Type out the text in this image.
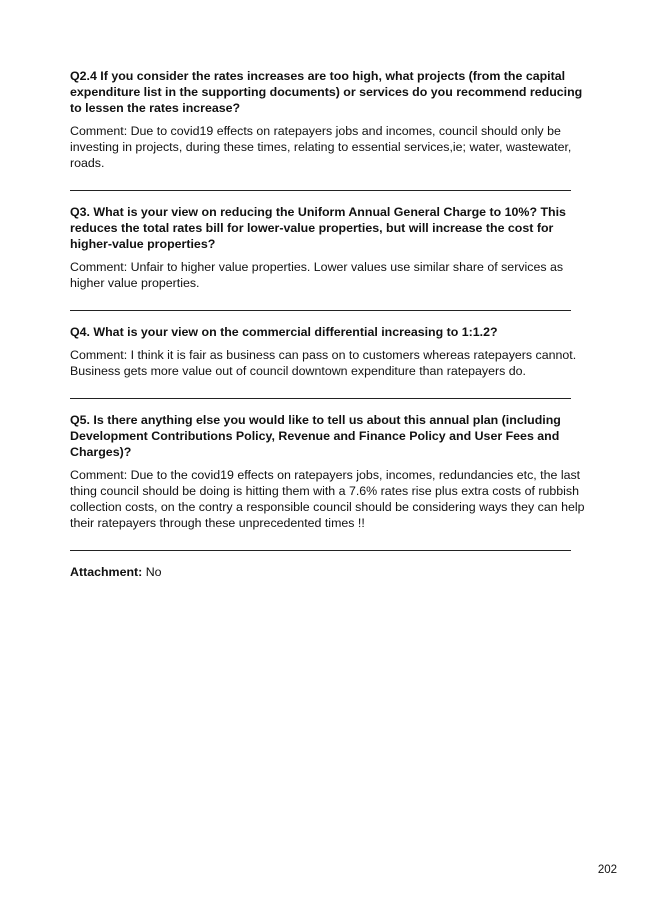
Q2.4 If you consider the rates increases are too high, what projects (from the capital expenditure list in the supporting documents) or services do you recommend reducing to lessen the rates increase?

Comment: Due to covid19 effects on ratepayers jobs and incomes, council should only be investing in projects, during these times, relating to essential services,ie; water, wastewater, roads.

Q3. What is your view on reducing the Uniform Annual General Charge to 10%? This reduces the total rates bill for lower-value properties, but will increase the cost for higher-value properties?

Comment: Unfair to higher value properties. Lower values use similar share of services as higher value properties.

Q4. What is your view on the commercial differential increasing to 1:1.2?

Comment: I think it is fair as business can pass on to customers whereas ratepayers cannot. Business gets more value out of council downtown expenditure than ratepayers do.

Q5. Is there anything else you would like to tell us about this annual plan (including Development Contributions Policy, Revenue and Finance Policy and User Fees and Charges)?

Comment: Due to the covid19 effects on ratepayers jobs, incomes, redundancies etc, the last thing council should be doing is hitting them with a 7.6% rates rise plus extra costs of rubbish collection costs, on the contry a responsible council should be considering ways they can help their ratepayers through these unprecedented times !!

Attachment: No

202
